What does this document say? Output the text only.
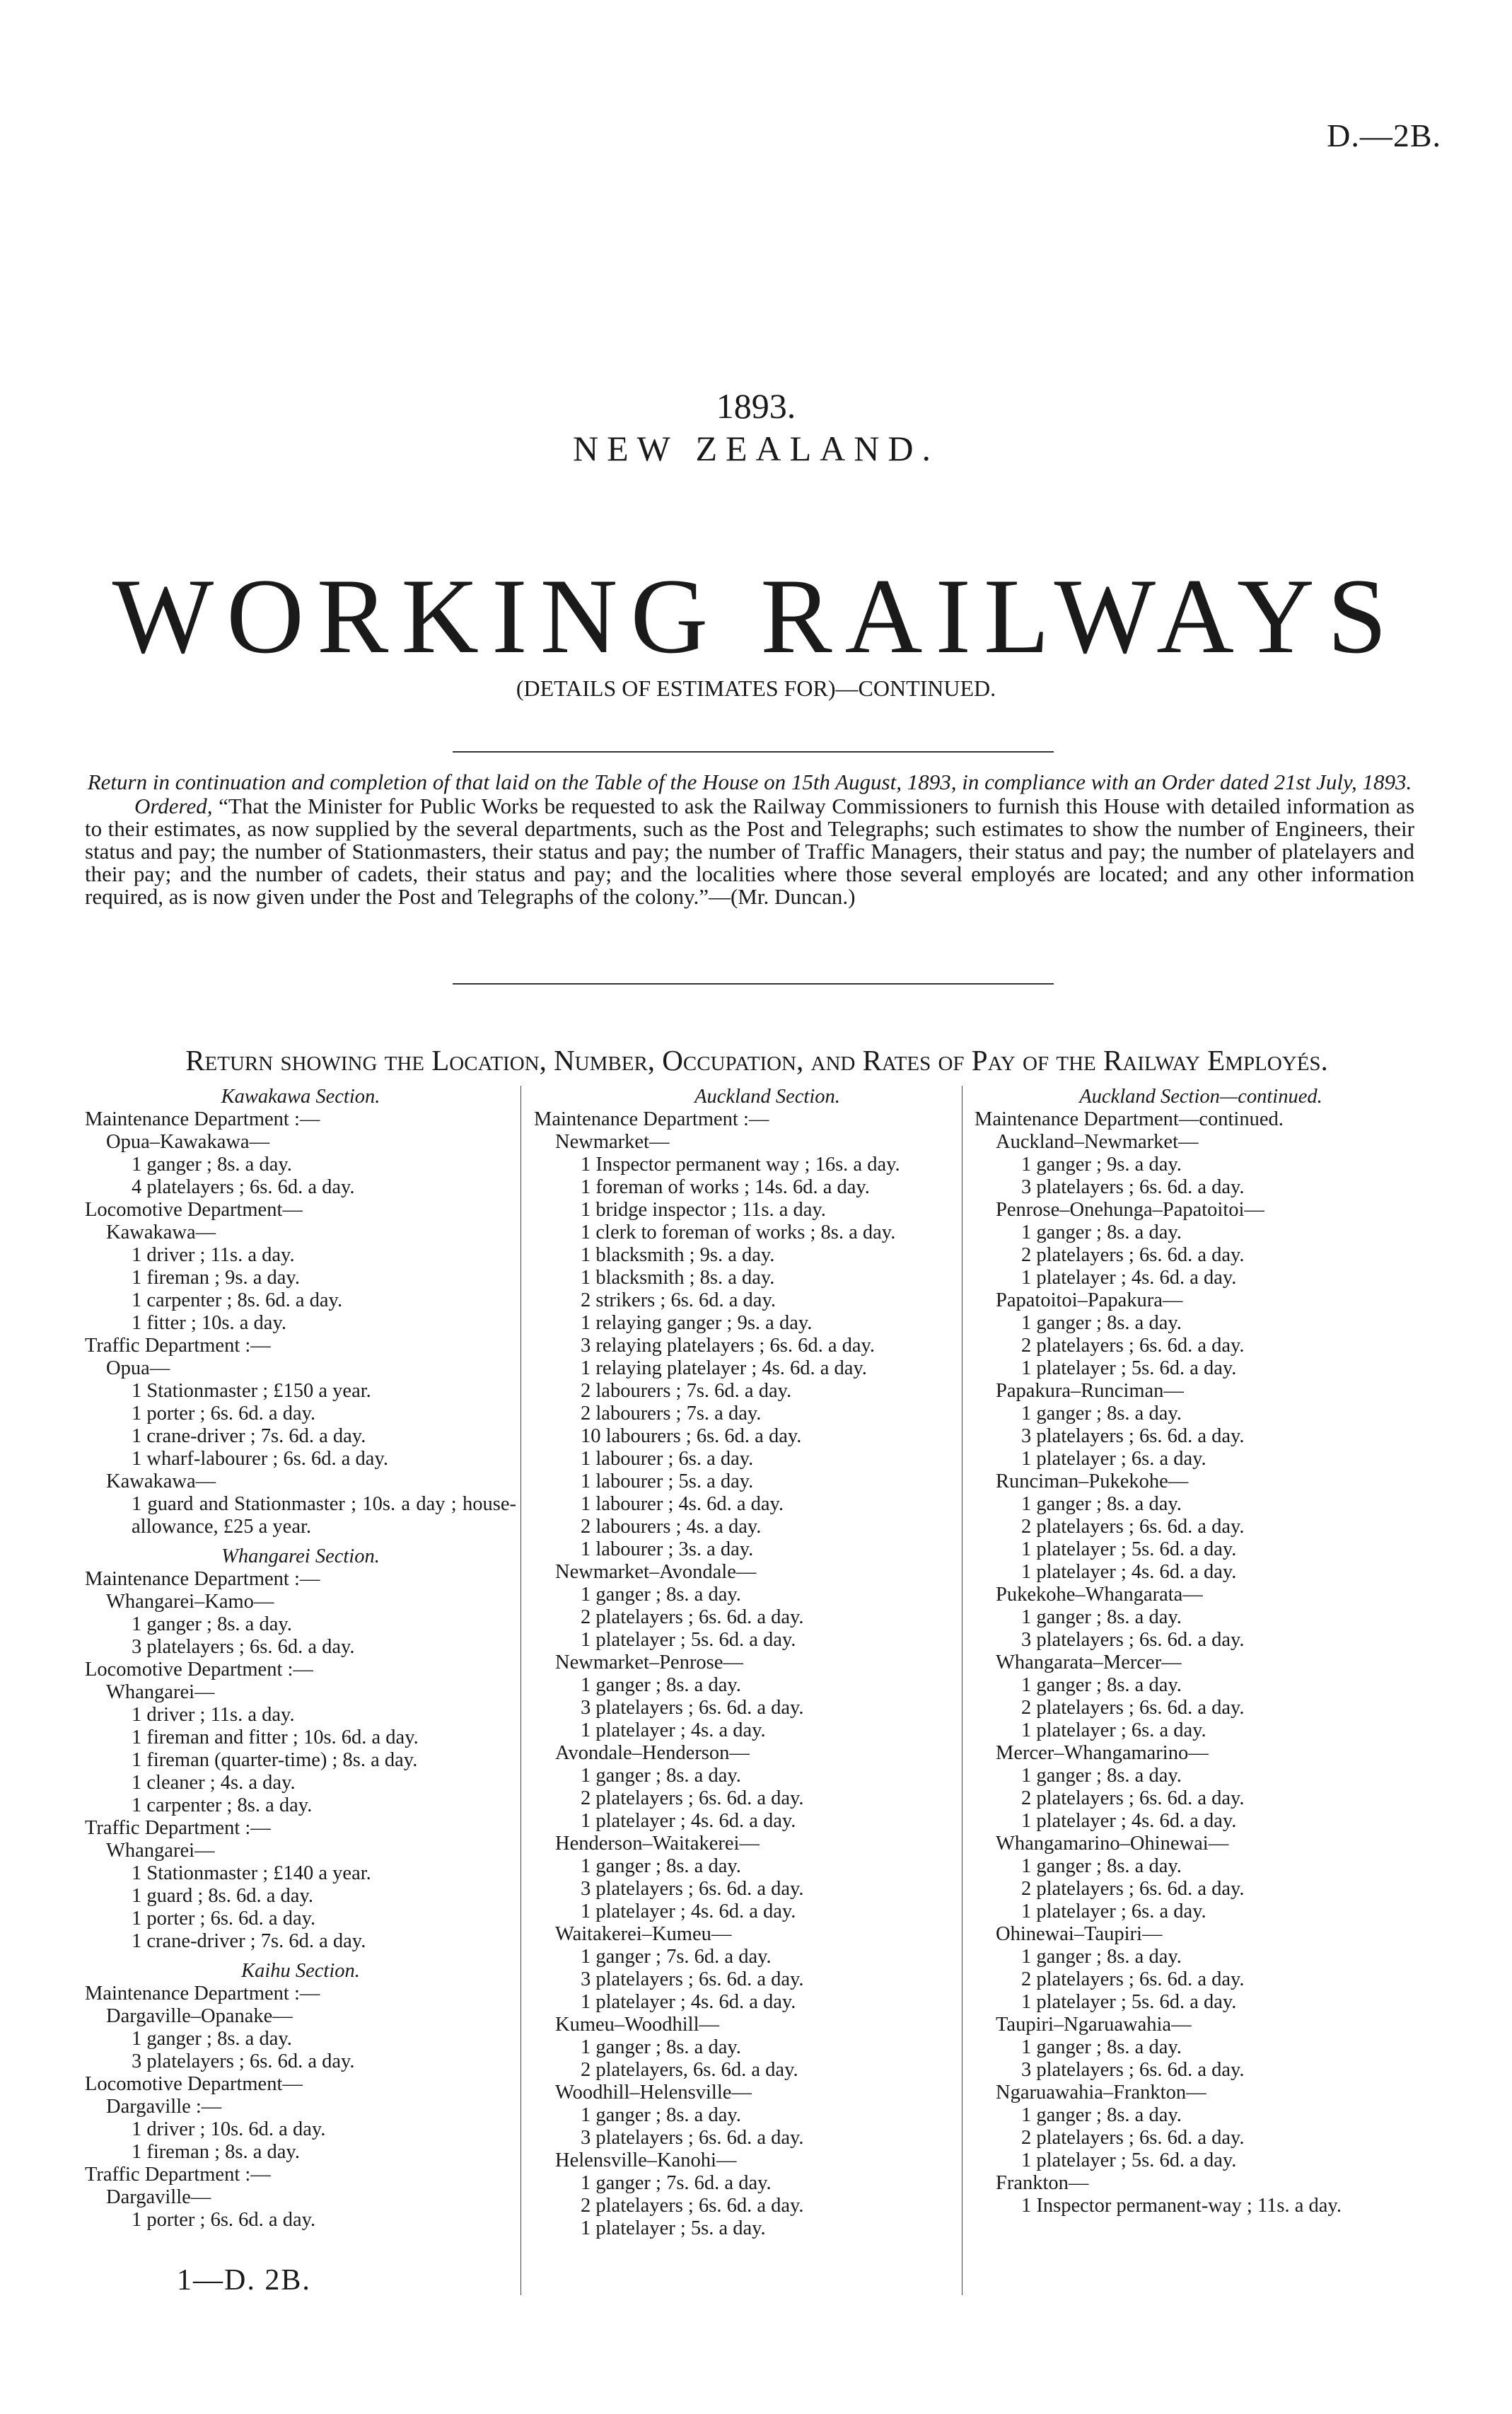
D.—2B.
1893.
NEW ZEALAND.
WORKING RAILWAYS
(DETAILS OF ESTIMATES FOR)—CONTINUED.
Return in continuation and completion of that laid on the Table of the House on 15th August, 1893, in compliance with an Order dated 21st July, 1893.
Ordered, “That the Minister for Public Works be requested to ask the Railway Commissioners to furnish this House with detailed information as to their estimates, as now supplied by the several departments, such as the Post and Telegraphs; such estimates to show the number of Engineers, their status and pay; the number of Stationmasters, their status and pay; the number of Traffic Managers, their status and pay; the number of platelayers and their pay; and the number of cadets, their status and pay; and the localities where those several employés are located; and any other information required, as is now given under the Post and Telegraphs of the colony.”—(Mr. Duncan.)
Return showing the Location, Number, Occupation, and Rates of Pay of the Railway Employés.
Kawakawa Section.
Maintenance Department :—
Opua–Kawakawa—
1 ganger ; 8s. a day.
4 platelayers ; 6s. 6d. a day.
Locomotive Department—
Kawakawa—
1 driver ; 11s. a day.
1 fireman ; 9s. a day.
1 carpenter ; 8s. 6d. a day.
1 fitter ; 10s. a day.
Traffic Department :—
Opua—
1 Stationmaster ; £150 a year.
1 porter ; 6s. 6d. a day.
1 crane-driver ; 7s. 6d. a day.
1 wharf-labourer ; 6s. 6d. a day.
Kawakawa—
1 guard and Stationmaster ; 10s. a day ; house-allowance, £25 a year.
Whangarei Section.
Maintenance Department :—
Whangarei–Kamo—
1 ganger ; 8s. a day.
3 platelayers ; 6s. 6d. a day.
Locomotive Department :—
Whangarei—
1 driver ; 11s. a day.
1 fireman and fitter ; 10s. 6d. a day.
1 fireman (quarter-time) ; 8s. a day.
1 cleaner ; 4s. a day.
1 carpenter ; 8s. a day.
Traffic Department :—
Whangarei—
1 Stationmaster ; £140 a year.
1 guard ; 8s. 6d. a day.
1 porter ; 6s. 6d. a day.
1 crane-driver ; 7s. 6d. a day.
Kaihu Section.
Maintenance Department :—
Dargaville–Opanake—
1 ganger ; 8s. a day.
3 platelayers ; 6s. 6d. a day.
Locomotive Department—
Dargaville :—
1 driver ; 10s. 6d. a day.
1 fireman ; 8s. a day.
Traffic Department :—
Dargaville—
1 porter ; 6s. 6d. a day.
Auckland Section.
Maintenance Department :—
Newmarket—
1 Inspector permanent way ; 16s. a day.
1 foreman of works ; 14s. 6d. a day.
1 bridge inspector ; 11s. a day.
1 clerk to foreman of works ; 8s. a day.
1 blacksmith ; 9s. a day.
1 blacksmith ; 8s. a day.
2 strikers ; 6s. 6d. a day.
1 relaying ganger ; 9s. a day.
3 relaying platelayers ; 6s. 6d. a day.
1 relaying platelayer ; 4s. 6d. a day.
2 labourers ; 7s. 6d. a day.
2 labourers ; 7s. a day.
10 labourers ; 6s. 6d. a day.
1 labourer ; 6s. a day.
1 labourer ; 5s. a day.
1 labourer ; 4s. 6d. a day.
2 labourers ; 4s. a day.
1 labourer ; 3s. a day.
Newmarket–Avondale—
1 ganger ; 8s. a day.
2 platelayers ; 6s. 6d. a day.
1 platelayer ; 5s. 6d. a day.
Newmarket–Penrose—
1 ganger ; 8s. a day.
3 platelayers ; 6s. 6d. a day.
1 platelayer ; 4s. a day.
Avondale–Henderson—
1 ganger ; 8s. a day.
2 platelayers ; 6s. 6d. a day.
1 platelayer ; 4s. 6d. a day.
Henderson–Waitakerei—
1 ganger ; 8s. a day.
3 platelayers ; 6s. 6d. a day.
1 platelayer ; 4s. 6d. a day.
Waitakerei–Kumeu—
1 ganger ; 7s. 6d. a day.
3 platelayers ; 6s. 6d. a day.
1 platelayer ; 4s. 6d. a day.
Kumeu–Woodhill—
1 ganger ; 8s. a day.
2 platelayers, 6s. 6d. a day.
Woodhill–Helensville—
1 ganger ; 8s. a day.
3 platelayers ; 6s. 6d. a day.
Helensville–Kanohi—
1 ganger ; 7s. 6d. a day.
2 platelayers ; 6s. 6d. a day.
1 platelayer ; 5s. a day.
Auckland Section—continued.
Maintenance Department—continued.
Auckland–Newmarket—
1 ganger ; 9s. a day.
3 platelayers ; 6s. 6d. a day.
Penrose–Onehunga–Papatoitoi—
1 ganger ; 8s. a day.
2 platelayers ; 6s. 6d. a day.
1 platelayer ; 4s. 6d. a day.
Papatoitoi–Papakura—
1 ganger ; 8s. a day.
2 platelayers ; 6s. 6d. a day.
1 platelayer ; 5s. 6d. a day.
Papakura–Runciman—
1 ganger ; 8s. a day.
3 platelayers ; 6s. 6d. a day.
1 platelayer ; 6s. a day.
Runciman–Pukekohe—
1 ganger ; 8s. a day.
2 platelayers ; 6s. 6d. a day.
1 platelayer ; 5s. 6d. a day.
1 platelayer ; 4s. 6d. a day.
Pukekohe–Whangarata—
1 ganger ; 8s. a day.
3 platelayers ; 6s. 6d. a day.
Whangarata–Mercer—
1 ganger ; 8s. a day.
2 platelayers ; 6s. 6d. a day.
1 platelayer ; 6s. a day.
Mercer–Whangamarino—
1 ganger ; 8s. a day.
2 platelayers ; 6s. 6d. a day.
1 platelayer ; 4s. 6d. a day.
Whangamarino–Ohinewai—
1 ganger ; 8s. a day.
2 platelayers ; 6s. 6d. a day.
1 platelayer ; 6s. a day.
Ohinewai–Taupiri—
1 ganger ; 8s. a day.
2 platelayers ; 6s. 6d. a day.
1 platelayer ; 5s. 6d. a day.
Taupiri–Ngaruawahia—
1 ganger ; 8s. a day.
3 platelayers ; 6s. 6d. a day.
Ngaruawahia–Frankton—
1 ganger ; 8s. a day.
2 platelayers ; 6s. 6d. a day.
1 platelayer ; 5s. 6d. a day.
Frankton—
1 Inspector permanent-way ; 11s. a day.
1—D. 2B.
